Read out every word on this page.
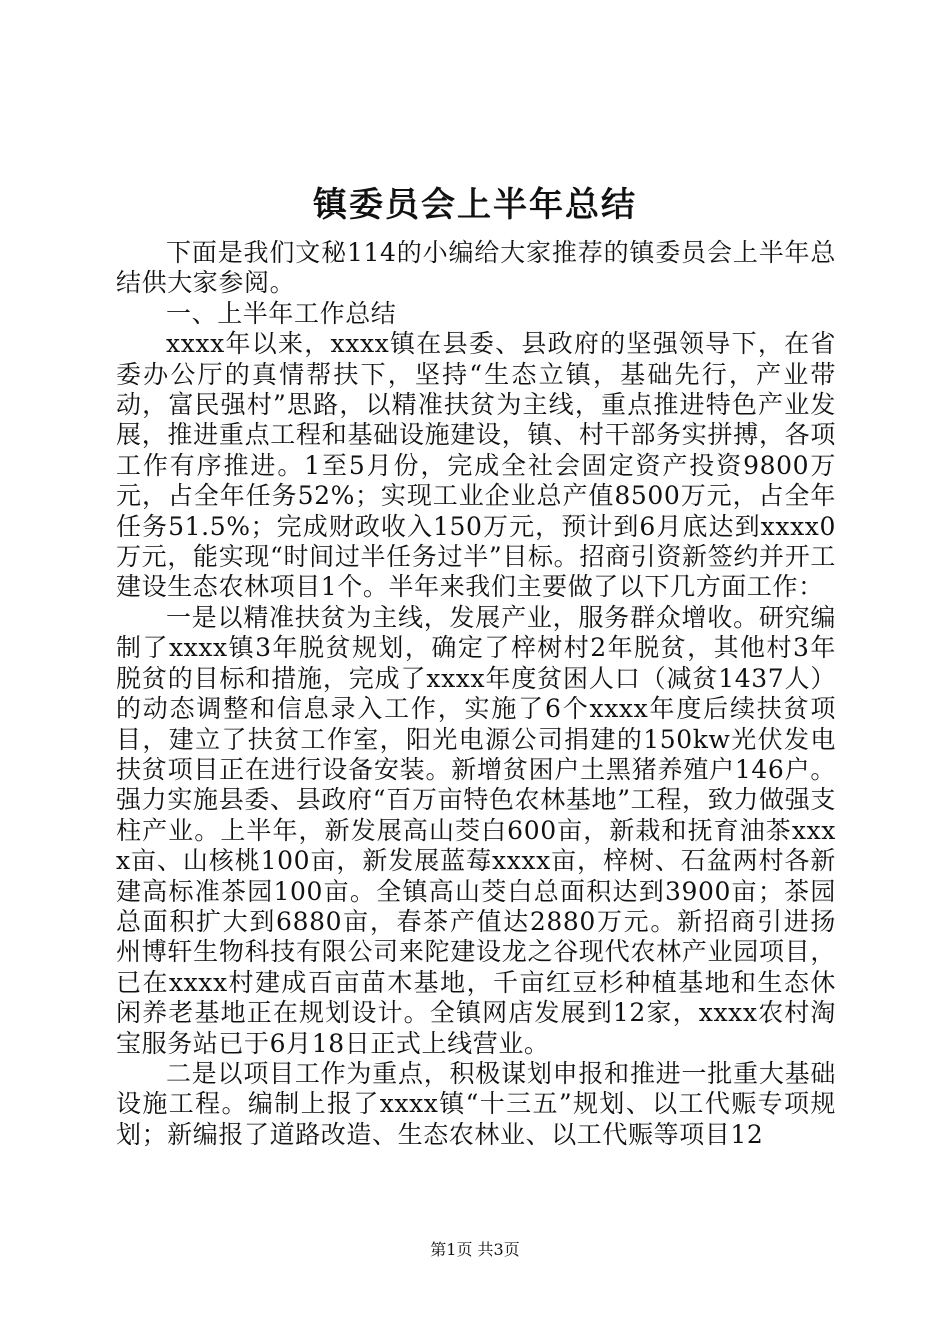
镇委员会上半年总结

下面是我们文秘114的小编给大家推荐的镇委员会上半年总结供大家参阅。

一、上半年工作总结

xxxx年以来，xxxx镇在县委、县政府的坚强领导下，在省委办公厅的真情帮扶下，坚持“生态立镇，基础先行，产业带动，富民强村”思路，以精准扶贫为主线，重点推进特色产业发展，推进重点工程和基础设施建设，镇、村干部务实拼搏，各项工作有序推进。1至5月份，完成全社会固定资产投资9800万元，占全年任务52%；实现工业企业总产值8500万元，占全年任务51.5%；完成财政收入150万元，预计到6月底达到xxxx0万元，能实现“时间过半任务过半”目标。招商引资新签约并开工建设生态农林项目1个。半年来我们主要做了以下几方面工作：

一是以精准扶贫为主线，发展产业，服务群众增收。研究编制了xxxx镇3年脱贫规划，确定了梓树村2年脱贫，其他村3年脱贫的目标和措施，完成了xxxx年度贫困人口（减贫1437人）的动态调整和信息录入工作，实施了6个xxxx年度后续扶贫项目，建立了扶贫工作室，阳光电源公司捐建的150kw光伏发电扶贫项目正在进行设备安装。新增贫困户土黑猪养殖户146户。强力实施县委、县政府“百万亩特色农林基地”工程，致力做强支柱产业。上半年，新发展高山茭白600亩，新栽和抚育油茶xxxx亩、山核桃100亩，新发展蓝莓xxxx亩，梓树、石盆两村各新建高标准茶园100亩。全镇高山茭白总面积达到3900亩；茶园总面积扩大到6880亩，春茶产值达2880万元。新招商引进扬州博轩生物科技有限公司来陀建设龙之谷现代农林产业园项目，已在xxxx村建成百亩苗木基地，千亩红豆杉种植基地和生态休闲养老基地正在规划设计。全镇网店发展到12家，xxxx农村淘宝服务站已于6月18日正式上线营业。

二是以项目工作为重点，积极谋划申报和推进一批重大基础设施工程。编制上报了xxxx镇“十三五”规划、以工代赈专项规划；新编报了道路改造、生态农林业、以工代赈等项目12

第1页 共3页
